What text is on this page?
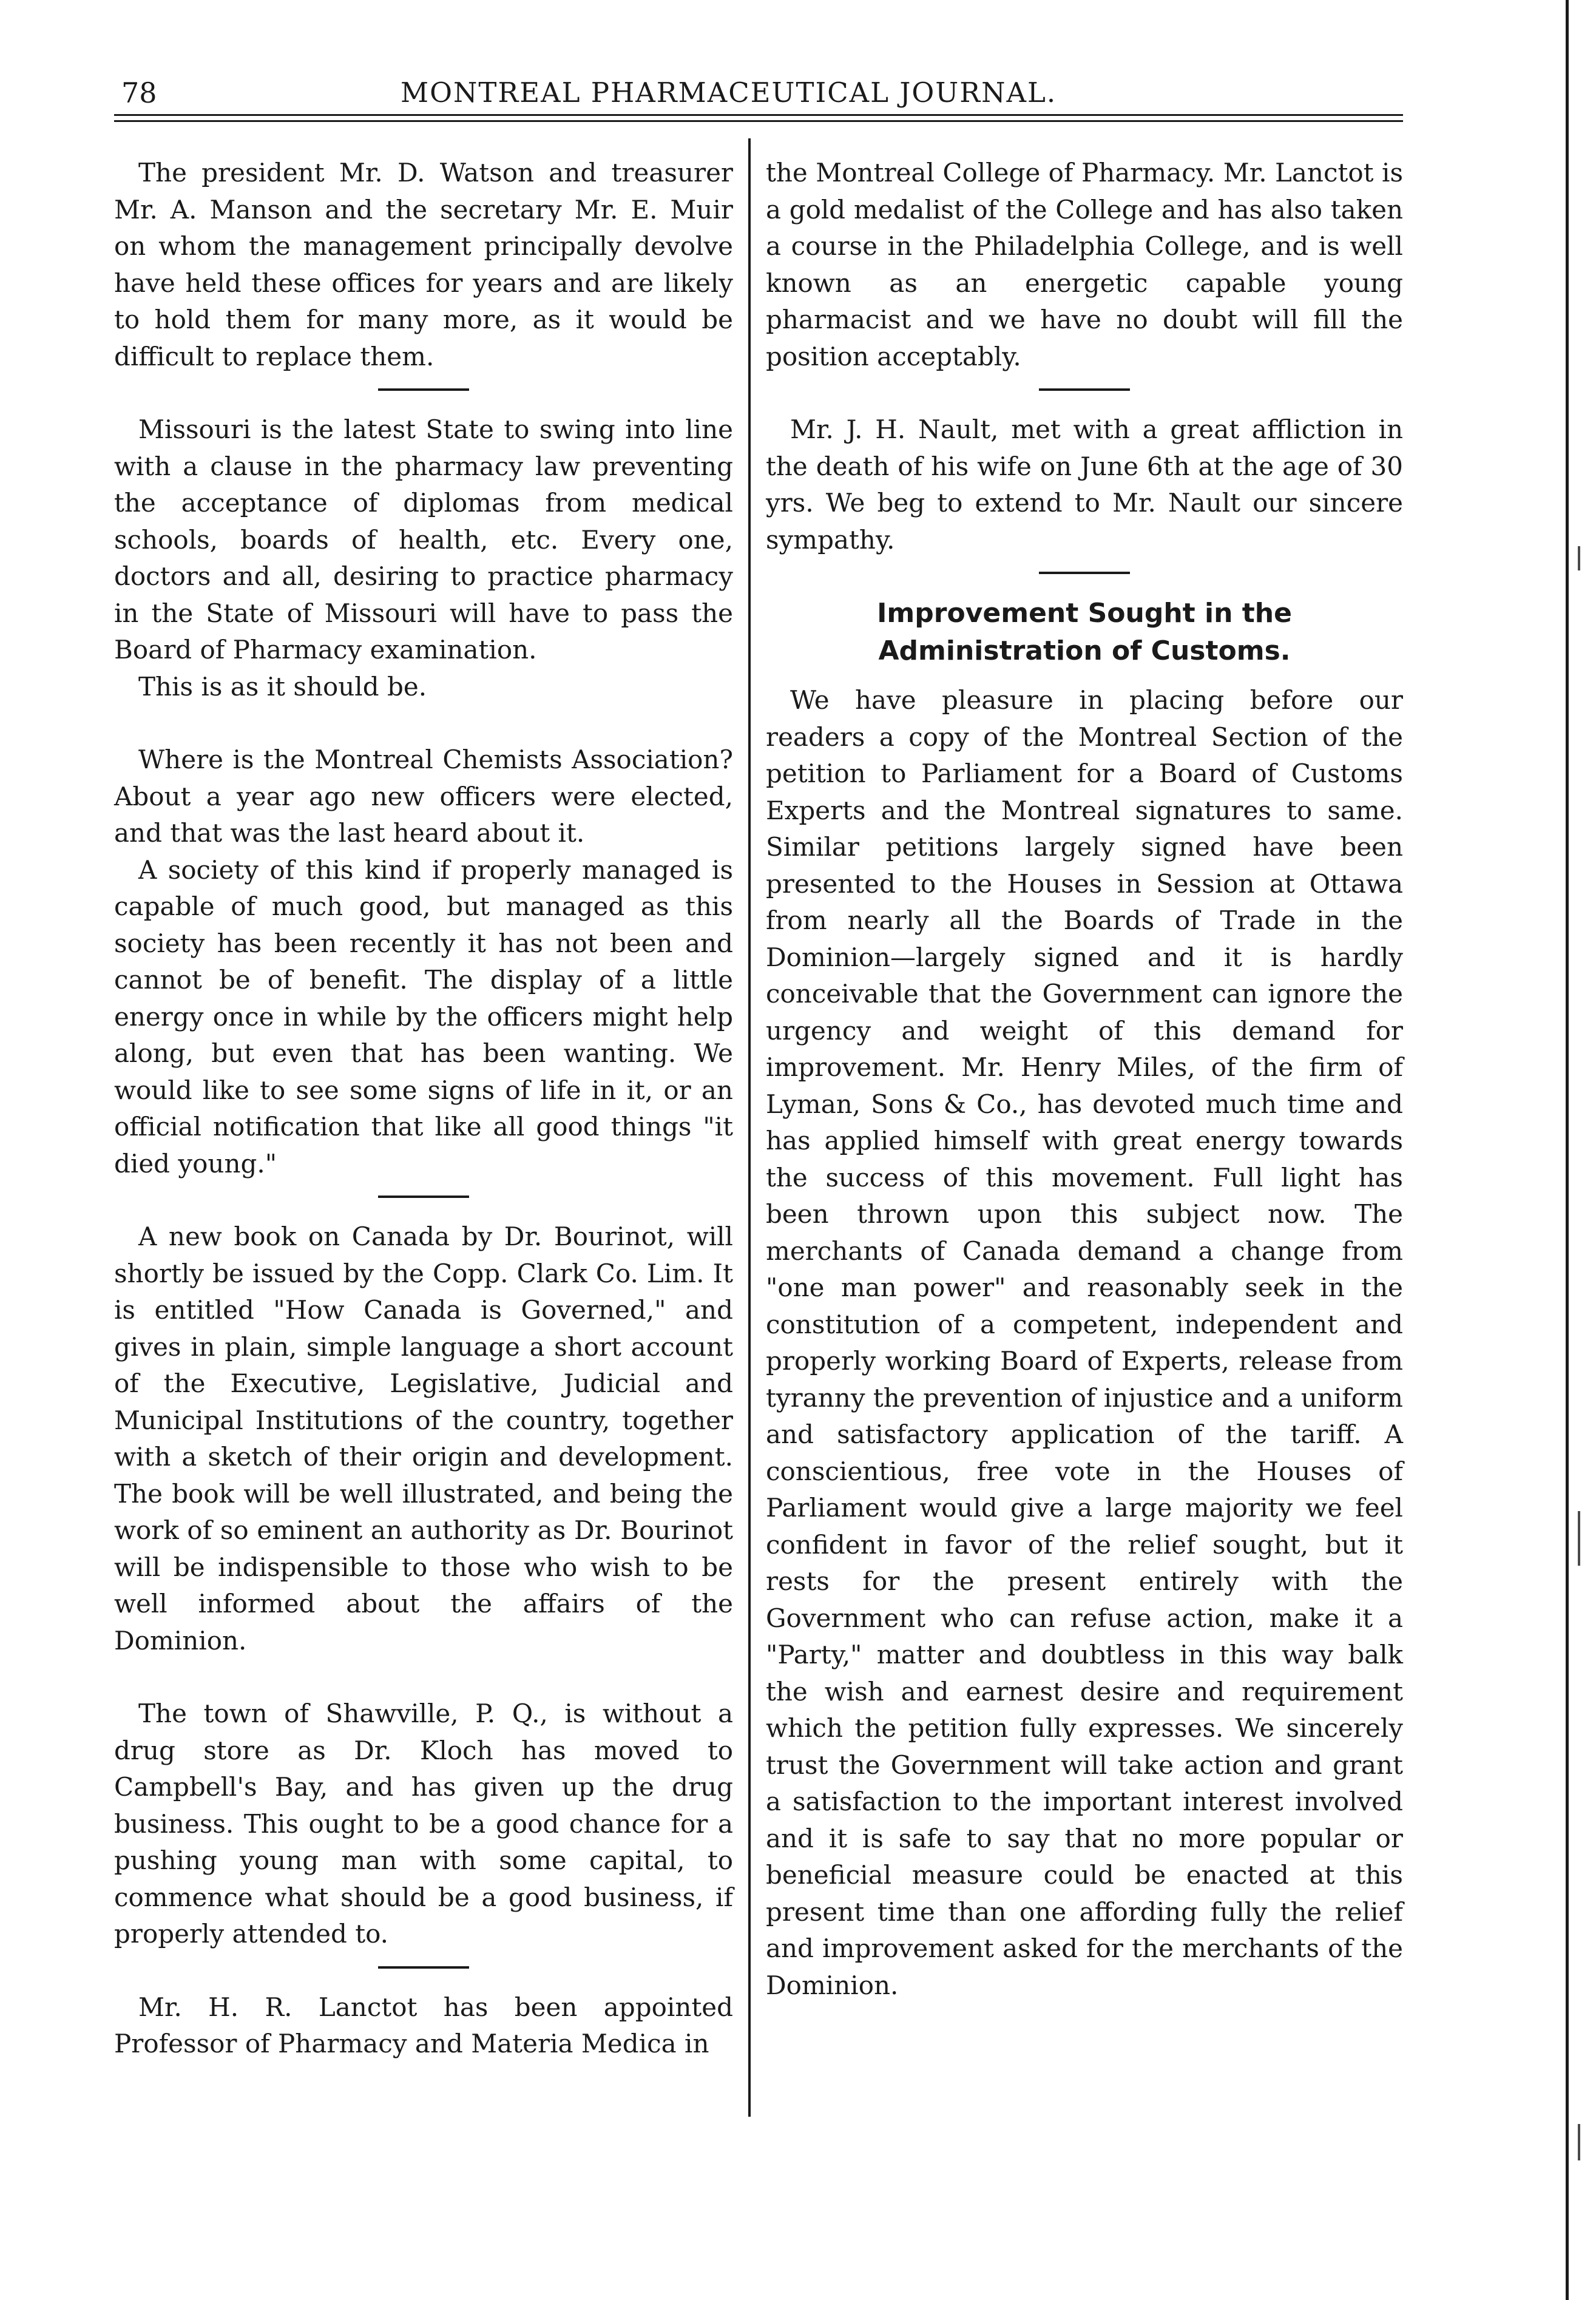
78	MONTREAL PHARMACEUTICAL JOURNAL.

The president Mr. D. Watson and treasurer Mr. A. Manson and the secretary Mr. E. Muir on whom the management principally devolve have held these offices for years and are likely to hold them for many more, as it would be difficult to replace them.

Missouri is the latest State to swing into line with a clause in the pharmacy law preventing the acceptance of diplomas from medical schools, boards of health, etc. Every one, doctors and all, desiring to practice pharmacy in the State of Missouri will have to pass the Board of Pharmacy examination.

This is as it should be.

Where is the Montreal Chemists Association? About a year ago new officers were elected, and that was the last heard about it.

A society of this kind if properly managed is capable of much good, but managed as this society has been recently it has not been and cannot be of benefit. The display of a little energy once in while by the officers might help along, but even that has been wanting. We would like to see some signs of life in it, or an official notification that like all good things "it died young."

A new book on Canada by Dr. Bourinot, will shortly be issued by the Copp. Clark Co. Lim. It is entitled "How Canada is Governed," and gives in plain, simple language a short account of the Executive, Legislative, Judicial and Municipal Institutions of the country, together with a sketch of their origin and development. The book will be well illustrated, and being the work of so eminent an authority as Dr. Bourinot will be indispensible to those who wish to be well informed about the affairs of the Dominion.

The town of Shawville, P. Q., is without a drug store as Dr. Kloch has moved to Campbell's Bay, and has given up the drug business. This ought to be a good chance for a pushing young man with some capital, to commence what should be a good business, if properly attended to.

Mr. H. R. Lanctot has been appointed Professor of Pharmacy and Materia Medica in

the Montreal College of Pharmacy. Mr. Lanctot is a gold medalist of the College and has also taken a course in the Philadelphia College, and is well known as an energetic capable young pharmacist and we have no doubt will fill the position acceptably.

Mr. J. H. Nault, met with a great affliction in the death of his wife on June 6th at the age of 30 yrs. We beg to extend to Mr. Nault our sincere sympathy.

Improvement Sought in the Administration of Customs.

We have pleasure in placing before our readers a copy of the Montreal Section of the petition to Parliament for a Board of Customs Experts and the Montreal signatures to same. Similar petitions largely signed have been presented to the Houses in Session at Ottawa from nearly all the Boards of Trade in the Dominion—largely signed and it is hardly conceivable that the Government can ignore the urgency and weight of this demand for improvement. Mr. Henry Miles, of the firm of Lyman, Sons & Co., has devoted much time and has applied himself with great energy towards the success of this movement. Full light has been thrown upon this subject now. The merchants of Canada demand a change from "one man power" and reasonably seek in the constitution of a competent, independent and properly working Board of Experts, release from tyranny the prevention of injustice and a uniform and satisfactory application of the tariff. A conscientious, free vote in the Houses of Parliament would give a large majority we feel confident in favor of the relief sought, but it rests for the present entirely with the Government who can refuse action, make it a "Party," matter and doubtless in this way balk the wish and earnest desire and requirement which the petition fully expresses. We sincerely trust the Government will take action and grant a satisfaction to the important interest involved and it is safe to say that no more popular or beneficial measure could be enacted at this present time than one affording fully the relief and improvement asked for the merchants of the Dominion.
